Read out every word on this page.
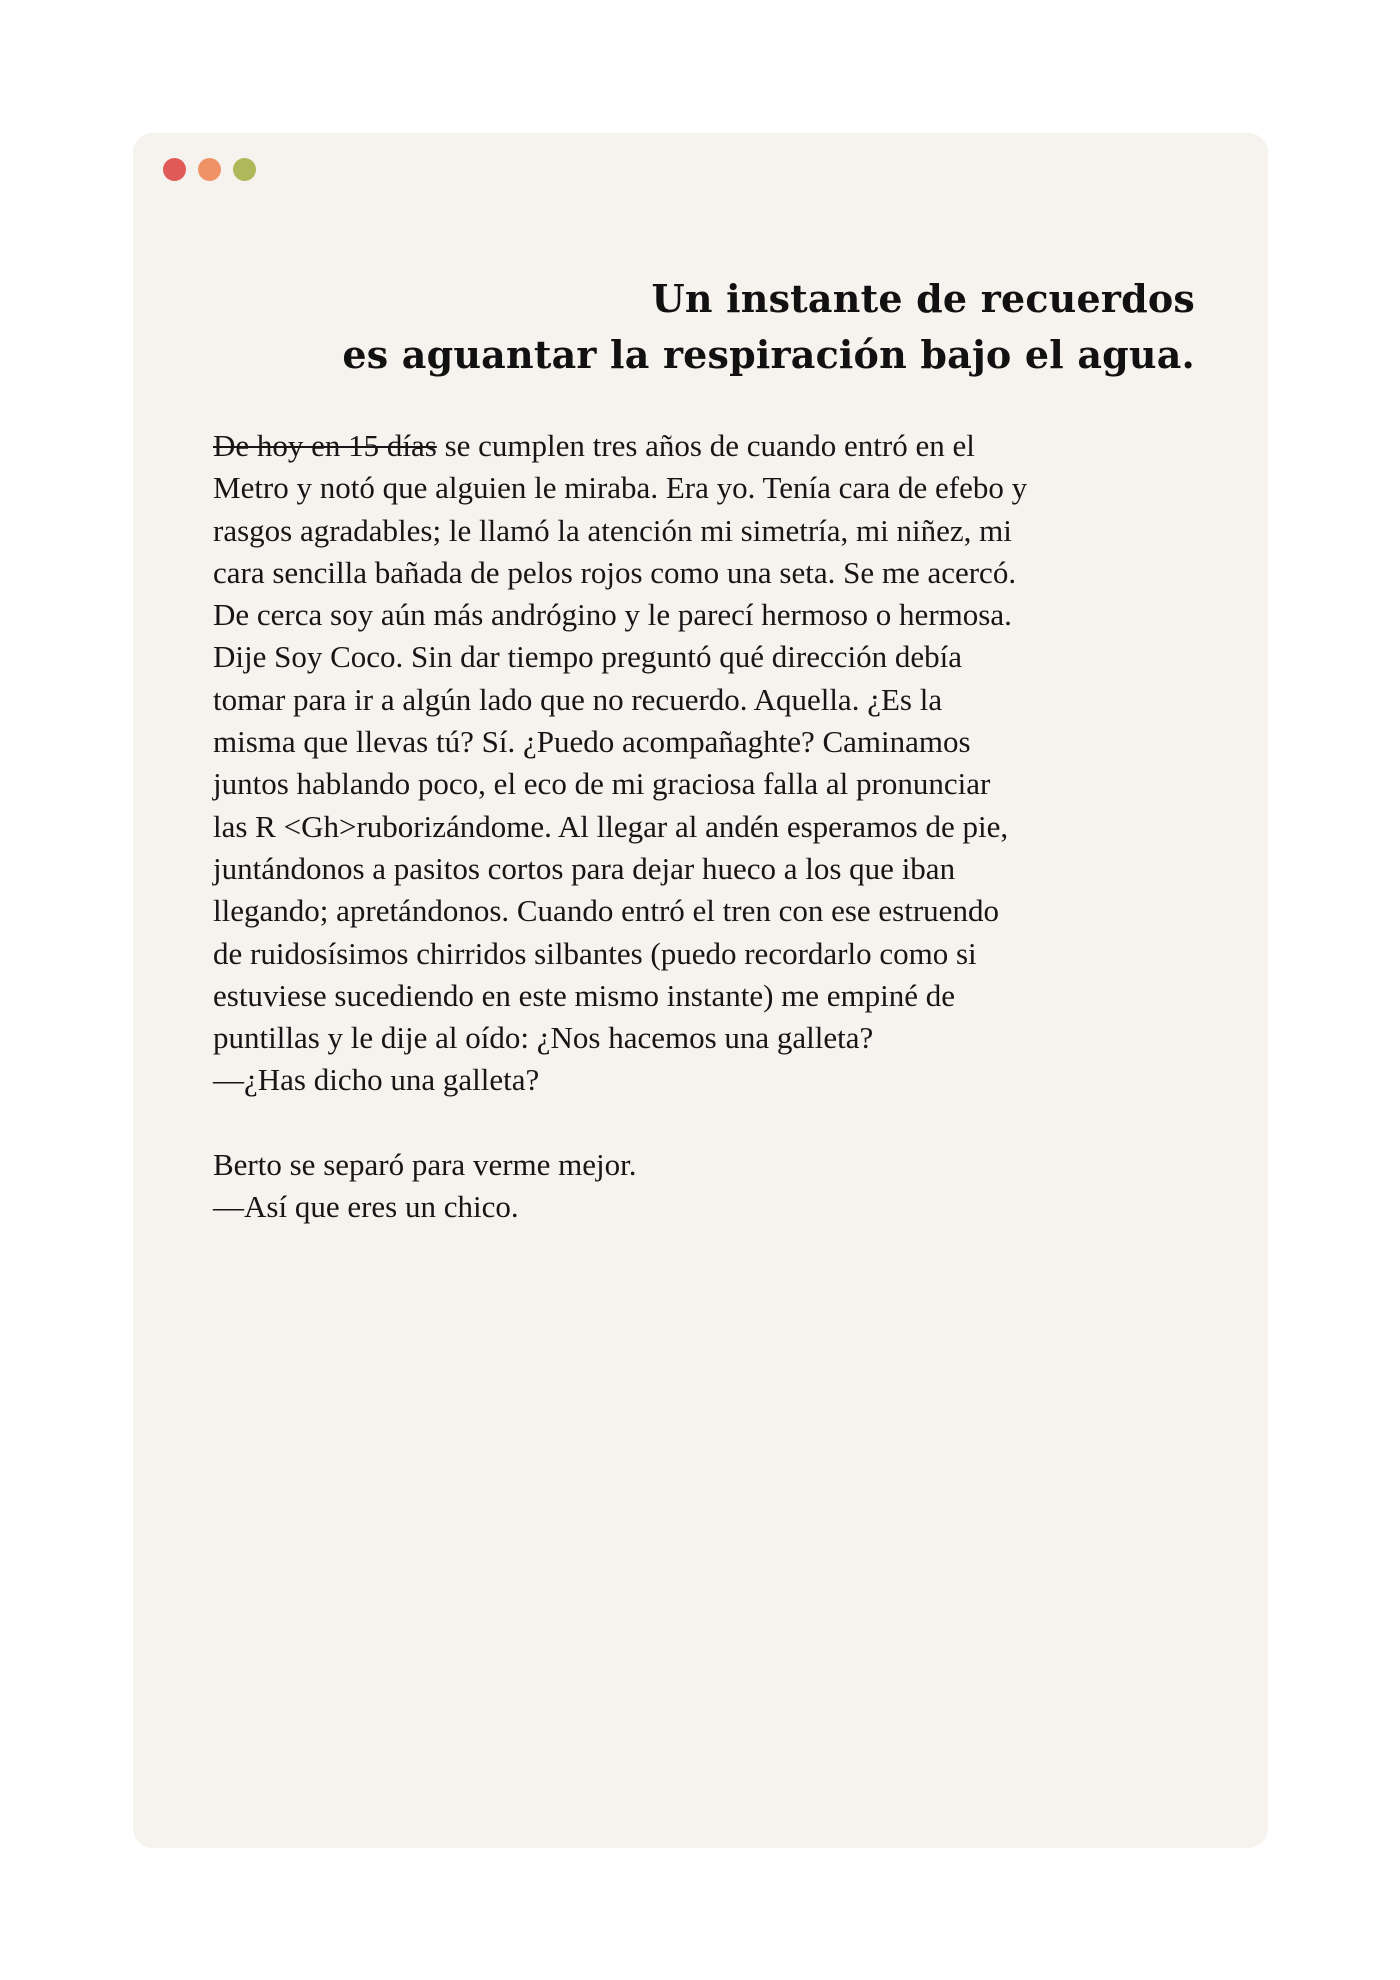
Un instante de recuerdos
es aguantar la respiración bajo el agua.

De hoy en 15 días se cumplen tres años de cuando entró en el
Metro y notó que alguien le miraba. Era yo. Tenía cara de efebo y
rasgos agradables; le llamó la atención mi simetría, mi niñez, mi
cara sencilla bañada de pelos rojos como una seta. Se me acercó.
De cerca soy aún más andrógino y le parecí hermoso o hermosa.
Dije Soy Coco. Sin dar tiempo preguntó qué dirección debía
tomar para ir a algún lado que no recuerdo. Aquella. ¿Es la
misma que llevas tú? Sí. ¿Puedo acompañaghte? Caminamos
juntos hablando poco, el eco de mi graciosa falla al pronunciar
las R <Gh>ruborizándome. Al llegar al andén esperamos de pie,
juntándonos a pasitos cortos para dejar hueco a los que iban
llegando; apretándonos. Cuando entró el tren con ese estruendo
de ruidosísimos chirridos silbantes (puedo recordarlo como si
estuviese sucediendo en este mismo instante) me empiné de
puntillas y le dije al oído: ¿Nos hacemos una galleta?
—¿Has dicho una galleta?

Berto se separó para verme mejor.
—Así que eres un chico.
